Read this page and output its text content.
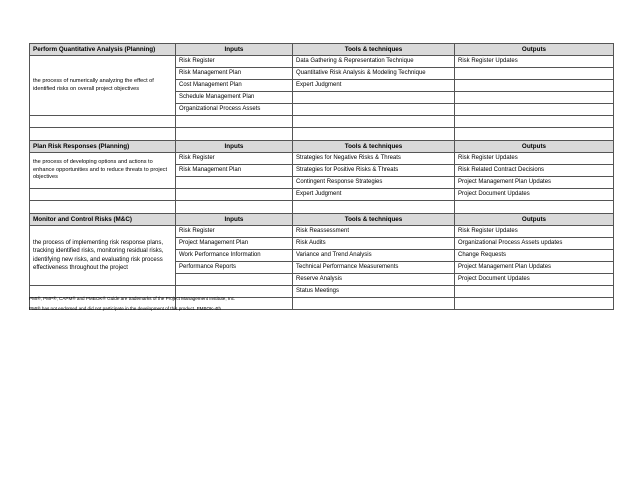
Perform Quantitative Analysis (Planning)	Inputs	Tools & techniques	Outputs
the process of numerically analyzing the effect of identified risks on overall project objectives	Risk Register	Data Gathering & Representation Technique	Risk Register Updates
	Risk Management Plan	Quantitative Risk Analysis & Modeling Technique	
	Cost Management Plan	Expert Judgment	
	Schedule Management Plan		
	Organizational Process Assets		

Plan Risk Responses (Planning)	Inputs	Tools & techniques	Outputs
the process of developing options and actions to enhance opportunities and to reduce threats to project objectives	Risk Register	Strategies for Negative Risks & Threats	Risk Register Updates
	Risk Management Plan	Strategies for Positive Risks & Threats	Risk Related Contract Decisions
		Contingent Response Strategies	Project Management Plan Updates
		Expert Judgment	Project Document Updates

Monitor and Control Risks (M&C)	Inputs	Tools & techniques	Outputs
the process of implementing risk response plans, tracking identified risks, monitoring residual risks, identifying new risks, and evaluating risk process effectiveness throughout the project	Risk Register	Risk Reassessment	Risk Register Updates
	Project Management Plan	Risk Audits	Organizational Process Assets updates
	Work Performance Information	Variance and Trend Analysis	Change Requests
	Performance Reports	Technical Performance Measurements	Project Management Plan Updates
		Reserve Analysis	Project Document Updates
		Status Meetings	

PMI®, PMP®, CAPM® and PMBOK® Guide are trademarks of the Project Management Institute, Inc.
PMI® has not endorsed and did not participate in the development of this product. PMBOK-4th
